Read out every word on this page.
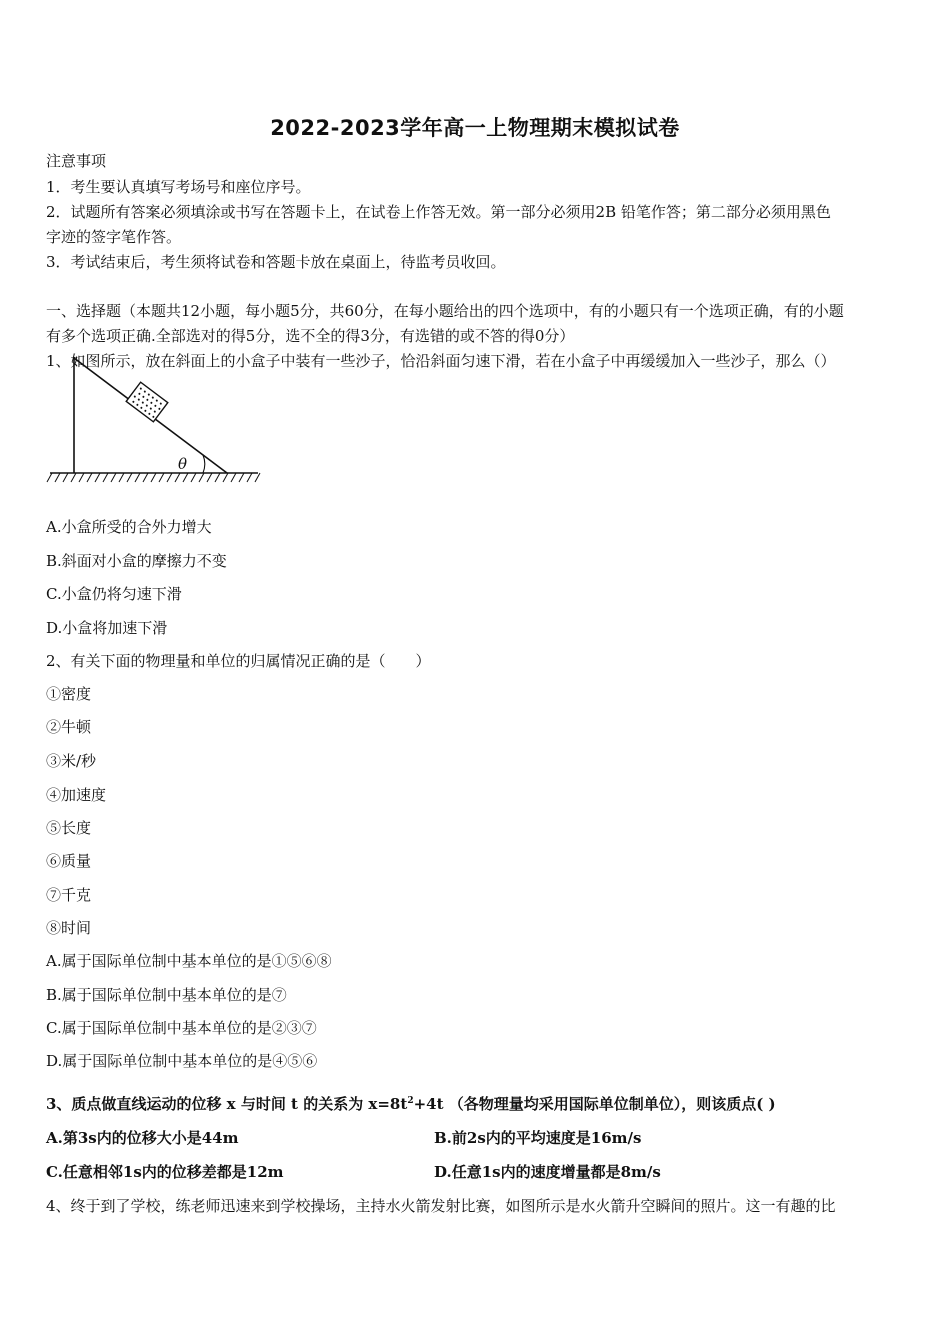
2022-2023学年高一上物理期末模拟试卷
注意事项
1．考生要认真填写考场号和座位序号。
2．试题所有答案必须填涂或书写在答题卡上，在试卷上作答无效。第一部分必须用2B 铅笔作答；第二部分必须用黑色
字迹的签字笔作答。
3．考试结束后，考生须将试卷和答题卡放在桌面上，待监考员收回。
一、选择题（本题共12小题，每小题5分，共60分，在每小题给出的四个选项中，有的小题只有一个选项正确，有的小题
有多个选项正确.全部选对的得5分，选不全的得3分，有选错的或不答的得0分）
1、如图所示，放在斜面上的小盒子中装有一些沙子，恰沿斜面匀速下滑，若在小盒子中再缓缓加入一些沙子，那么（）
θ
A.小盒所受的合外力增大
B.斜面对小盒的摩擦力不变
C.小盒仍将匀速下滑
D.小盒将加速下滑
2、有关下面的物理量和单位的归属情况正确的是（　　）
①密度
②牛顿
③米/秒
④加速度
⑤长度
⑥质量
⑦千克
⑧时间
A.属于国际单位制中基本单位的是①⑤⑥⑧
B.属于国际单位制中基本单位的是⑦
C.属于国际单位制中基本单位的是②③⑦
D.属于国际单位制中基本单位的是④⑤⑥
3、质点做直线运动的位移 x 与时间 t 的关系为 $x=8t^2+4t$ （各物理量均采用国际单位制单位），则该质点( )
A.第3s内的位移大小是44m	B.前2s内的平均速度是16m/s
C.任意相邻1s内的位移差都是12m	D.任意1s内的速度增量都是8m/s
4、终于到了学校，练老师迅速来到学校操场，主持水火箭发射比赛，如图所示是水火箭升空瞬间的照片。这一有趣的比
